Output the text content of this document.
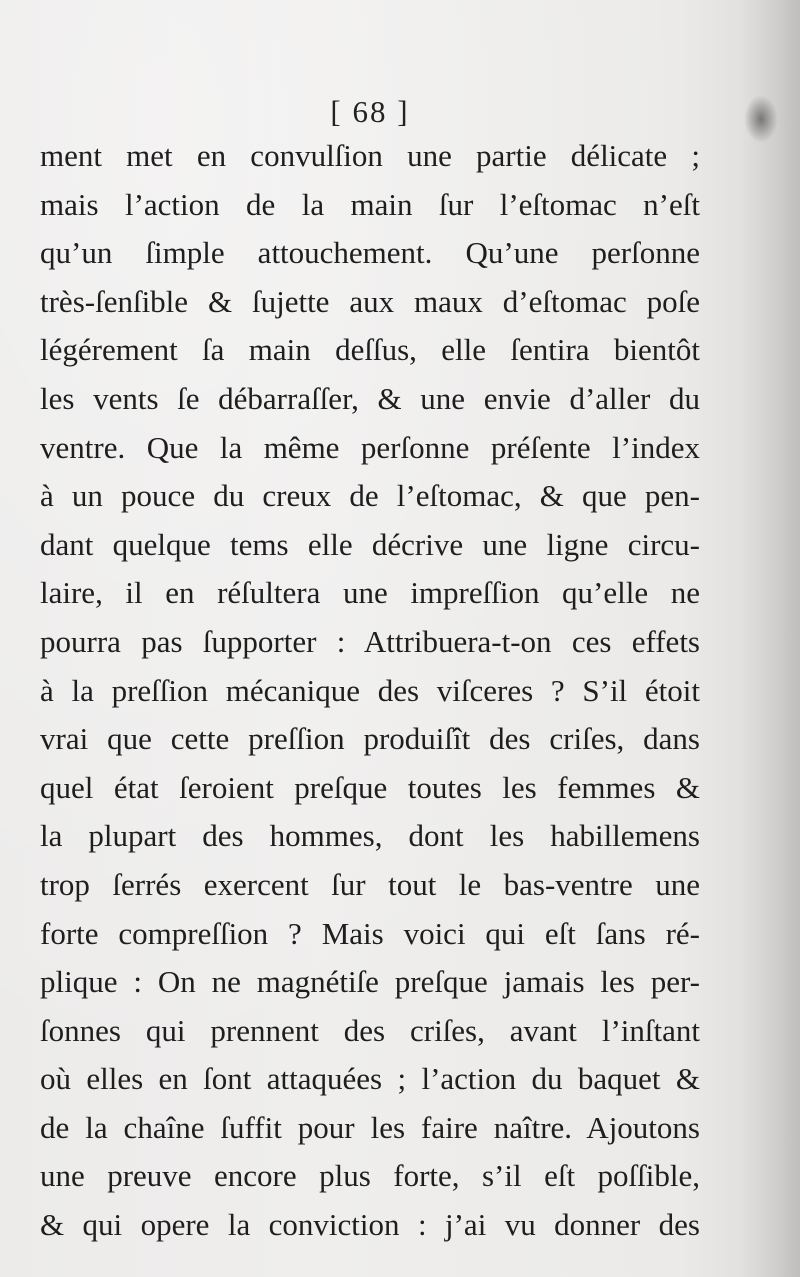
[ 68 ]
ment met en convulſion une partie délicate ;
mais l’action de la main ſur l’eſtomac n’eſt
qu’un ſimple attouchement. Qu’une perſonne
très-ſenſible & ſujette aux maux d’eſtomac poſe
légérement ſa main deſſus, elle ſentira bientôt
les vents ſe débarraſſer, & une envie d’aller du
ventre. Que la même perſonne préſente l’index
à un pouce du creux de l’eſtomac, & que pen-
dant quelque tems elle décrive une ligne circu-
laire, il en réſultera une impreſſion qu’elle ne
pourra pas ſupporter : Attribuera-t-on ces effets
à la preſſion mécanique des viſceres ? S’il étoit
vrai que cette preſſion produiſît des criſes, dans
quel état ſeroient preſque toutes les femmes &
la plupart des hommes, dont les habillemens
trop ſerrés exercent ſur tout le bas-ventre une
forte compreſſion ? Mais voici qui eſt ſans ré-
plique : On ne magnétiſe preſque jamais les per-
ſonnes qui prennent des criſes, avant l’inſtant
où elles en ſont attaquées ; l’action du baquet &
de la chaîne ſuffit pour les faire naître. Ajoutons
une preuve encore plus forte, s’il eſt poſſible,
& qui opere la conviction : j’ai vu donner des
